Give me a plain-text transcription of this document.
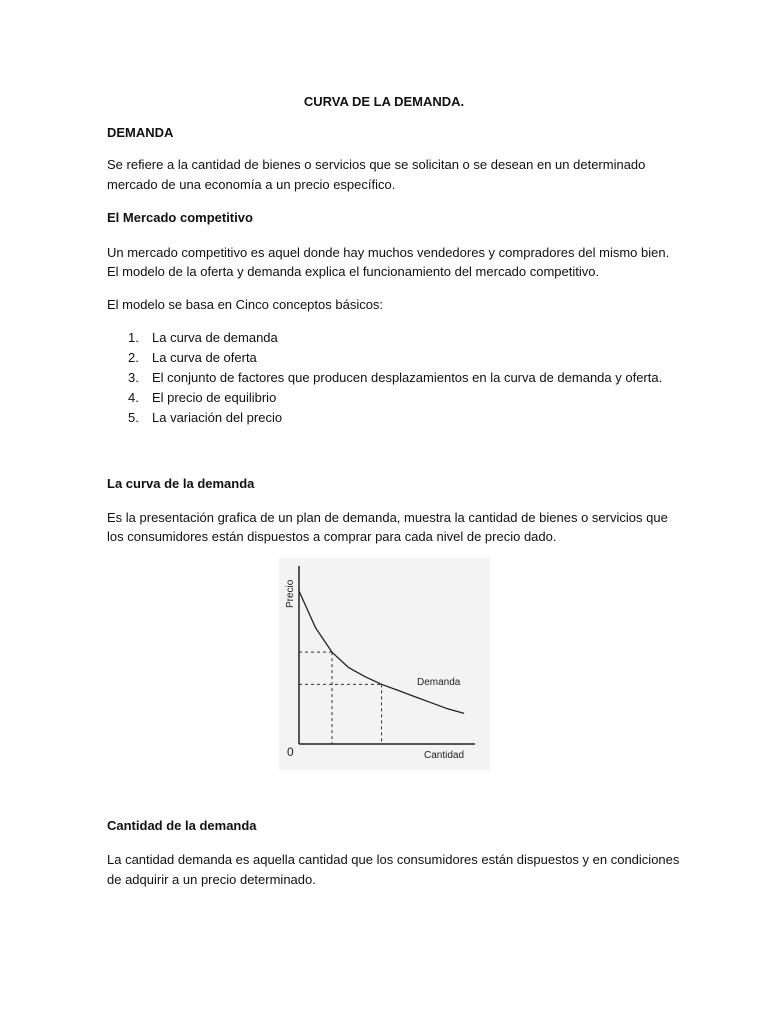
CURVA DE LA DEMANDA.

DEMANDA

Se refiere a la cantidad de bienes o servicios que se solicitan o se desean en un determinado

mercado de una economía a un precio específico.

El Mercado competitivo

Un mercado competitivo es aquel donde hay muchos vendedores y compradores del mismo bien.

El modelo de la oferta y demanda explica el funcionamiento del mercado competitivo.

El modelo se basa en Cinco conceptos básicos:

1. La curva de demanda
2. La curva de oferta
3. El conjunto de factores que producen desplazamientos en la curva de demanda y oferta.
4. El precio de equilibrio
5. La variación del precio

La curva de la demanda

Es la presentación grafica de un plan de demanda, muestra la cantidad de bienes o servicios que

los consumidores están dispuestos a comprar para cada nivel de precio dado.

Precio
Cantidad
0
Demanda

Cantidad de la demanda

La cantidad demanda es aquella cantidad que los consumidores están dispuestos y en condiciones

de adquirir a un precio determinado.
